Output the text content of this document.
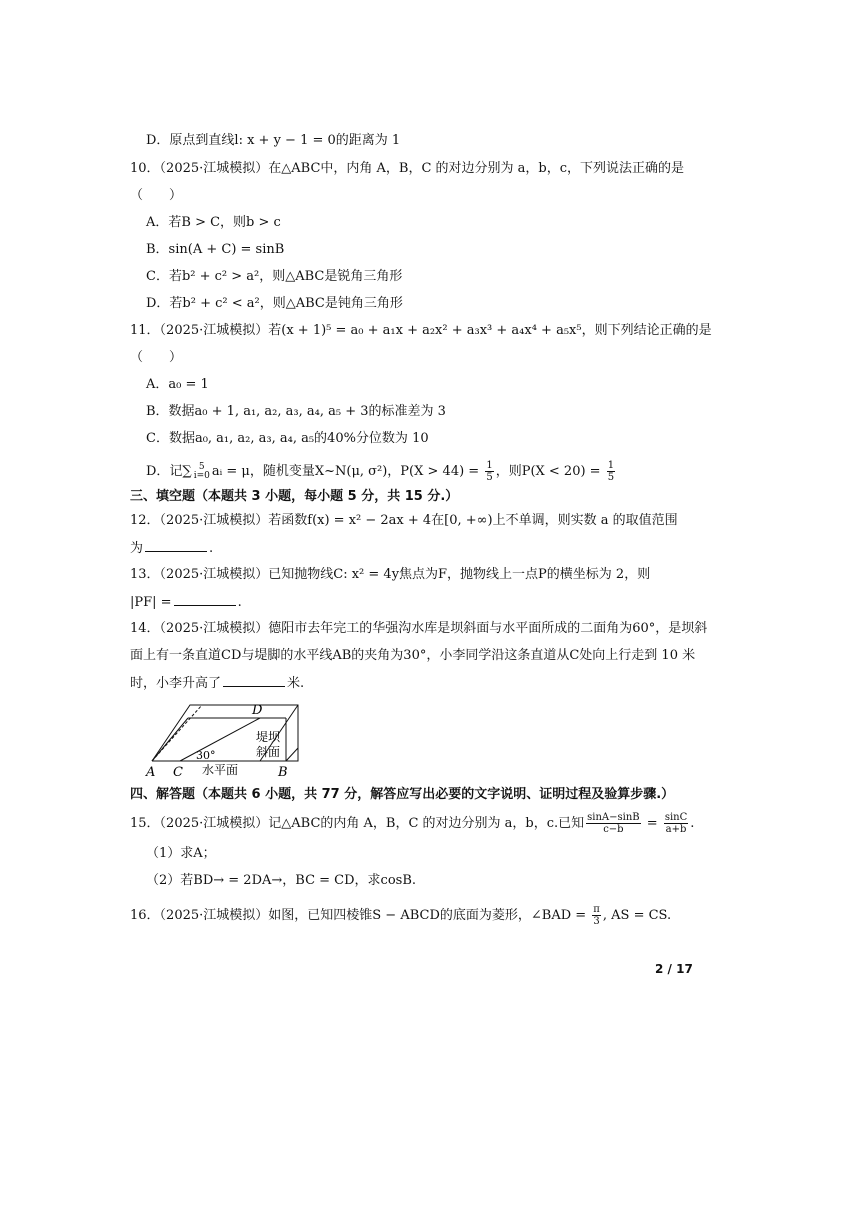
D．原点到直线l: x + y − 1 = 0的距离为 1
10．（2025·江城模拟）在△ABC中，内角 A，B，C 的对边分别为 a，b，c，下列说法正确的是
（　　）
A．若B > C，则b > c
B．sin(A + C) = sinB
C．若b² + c² > a²，则△ABC是锐角三角形
D．若b² + c² < a²，则△ABC是钝角三角形
11．（2025·江城模拟）若(x + 1)⁵ = a₀ + a₁x + a₂x² + a₃x³ + a₄x⁴ + a₅x⁵，则下列结论正确的是
（　　）
A．a₀ = 1
B．数据a₀ + 1, a₁, a₂, a₃, a₄, a₅ + 3的标准差为 3
C．数据a₀, a₁, a₂, a₃, a₄, a₅的40%分位数为 10
D．记∑ 5
i=0 aᵢ = μ，随机变量X~N(μ, σ²)，$P(X > 44) = \frac{1}{5}$ ，则$P(X < 20) = \frac{1}{5}$
三、填空题（本题共 3 小题，每小题 5 分，共 15 分.）
12．（2025·江城模拟）若函数f(x) = x² − 2ax + 4在[0, +∞)上不单调，则实数 a 的取值范围
为	.
13．（2025·江城模拟）已知抛物线C: x² = 4y焦点为F，抛物线上一点P的横坐标为 2，则
|PF| =	.
14．（2025·江城模拟）德阳市去年完工的华强沟水库是坝斜面与水平面所成的二面角为60°，是坝斜
面上有一条直道CD与堤脚的水平线AB的夹角为30°，小李同学沿这条直道从C处向上行走到 10 米
时，小李升高了	米.
D
A C	B
30°
水平面
堤坝
斜面
四、解答题（本题共 6 小题，共 77 分，解答应写出必要的文字说明、证明过程及验算步骤.）
15．（2025·江城模拟）记△ABC的内角 A，B，C 的对边分别为 a，b，c.已知 $\frac{\sin A-\sin B}{c-b} = \frac{\sin C}{a+b}$ .
（1）求A；
（2）若BD→ = 2DA→，BC = CD，求cosB.
16．（2025·江城模拟）如图，已知四棱锥S − ABCD的底面为菱形，∠BAD = $\frac{\pi}{3}$ , AS = CS.
2 / 17
